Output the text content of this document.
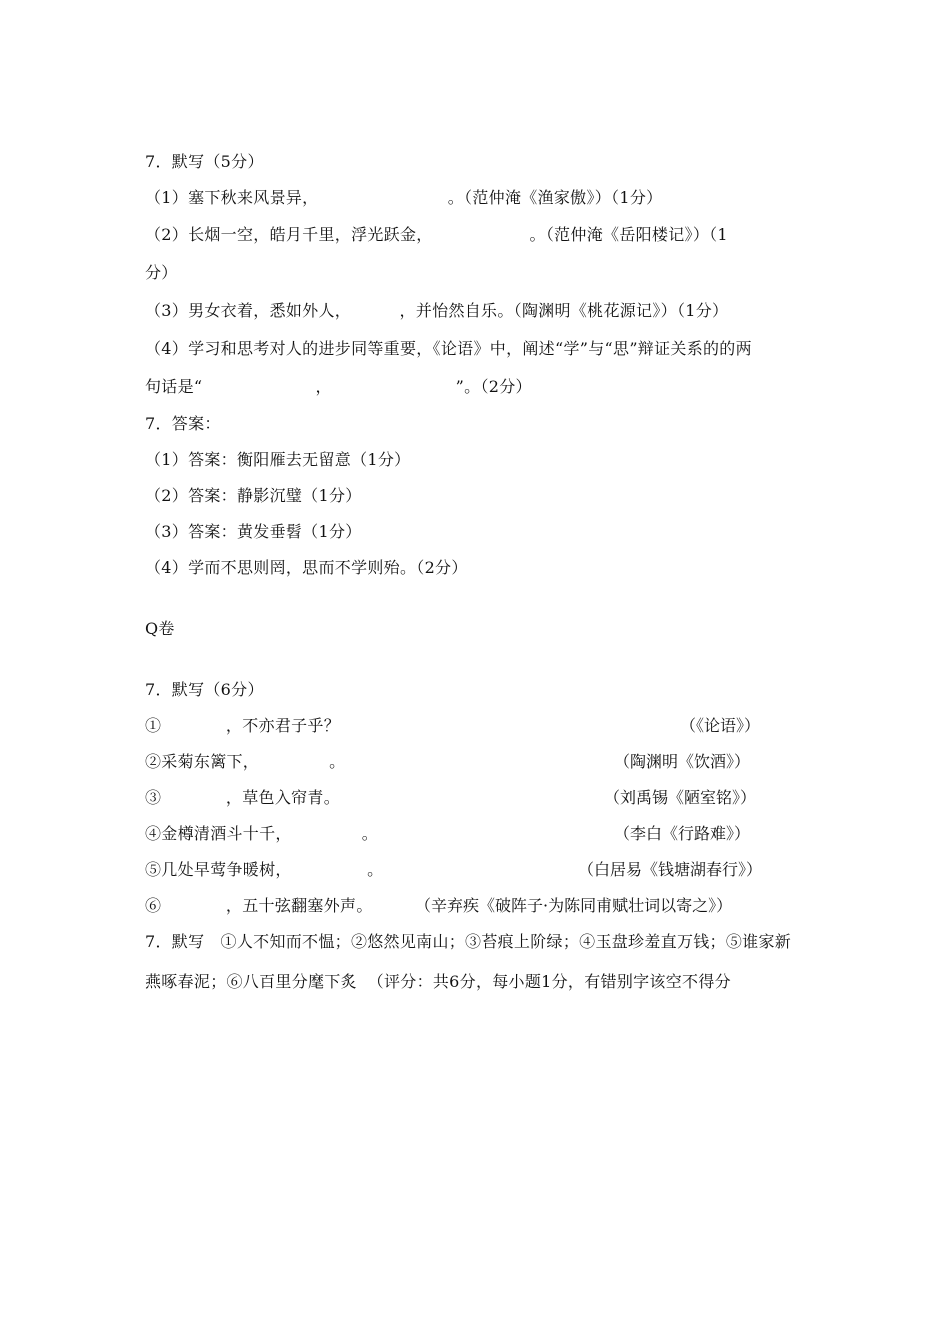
7．默写（5分）
（1）塞下秋来风景异，                        。（范仲淹《渔家傲》）（1分）
（2）长烟一空，皓月千里，浮光跃金，                  。（范仲淹《岳阳楼记》）（1
分）
（3）男女衣着，悉如外人，         ，并怡然自乐。（陶渊明《桃花源记》）（1分）
（4）学习和思考对人的进步同等重要，《论语》中，阐述“学”与“思”辩证关系的的两
句话是“                     ，                       ”。（2分）
7．答案：
（1）答案：衡阳雁去无留意（1分）
（2）答案：静影沉璧（1分）
（3）答案：黄发垂髫（1分）
（4）学而不思则罔，思而不学则殆。（2分）
Q卷
7．默写（6分）
①            ，不亦君子乎？	（《论语》）
②采菊东篱下，             。	（陶渊明《饮酒》）
③            ，草色入帘青。	（刘禹锡《陋室铭》）
④金樽清酒斗十千，             。	（李白《行路难》）
⑤几处早莺争暖树，              。	（白居易《钱塘湖春行》）
⑥            ，五十弦翻塞外声。	（辛弃疾《破阵子·为陈同甫赋壮词以寄之》）
7．默写   ①人不知而不愠；②悠然见南山；③苔痕上阶绿；④玉盘珍羞直万钱；⑤谁家新
燕啄春泥；⑥八百里分麾下炙  （评分：共6分，每小题1分，有错别字该空不得分
